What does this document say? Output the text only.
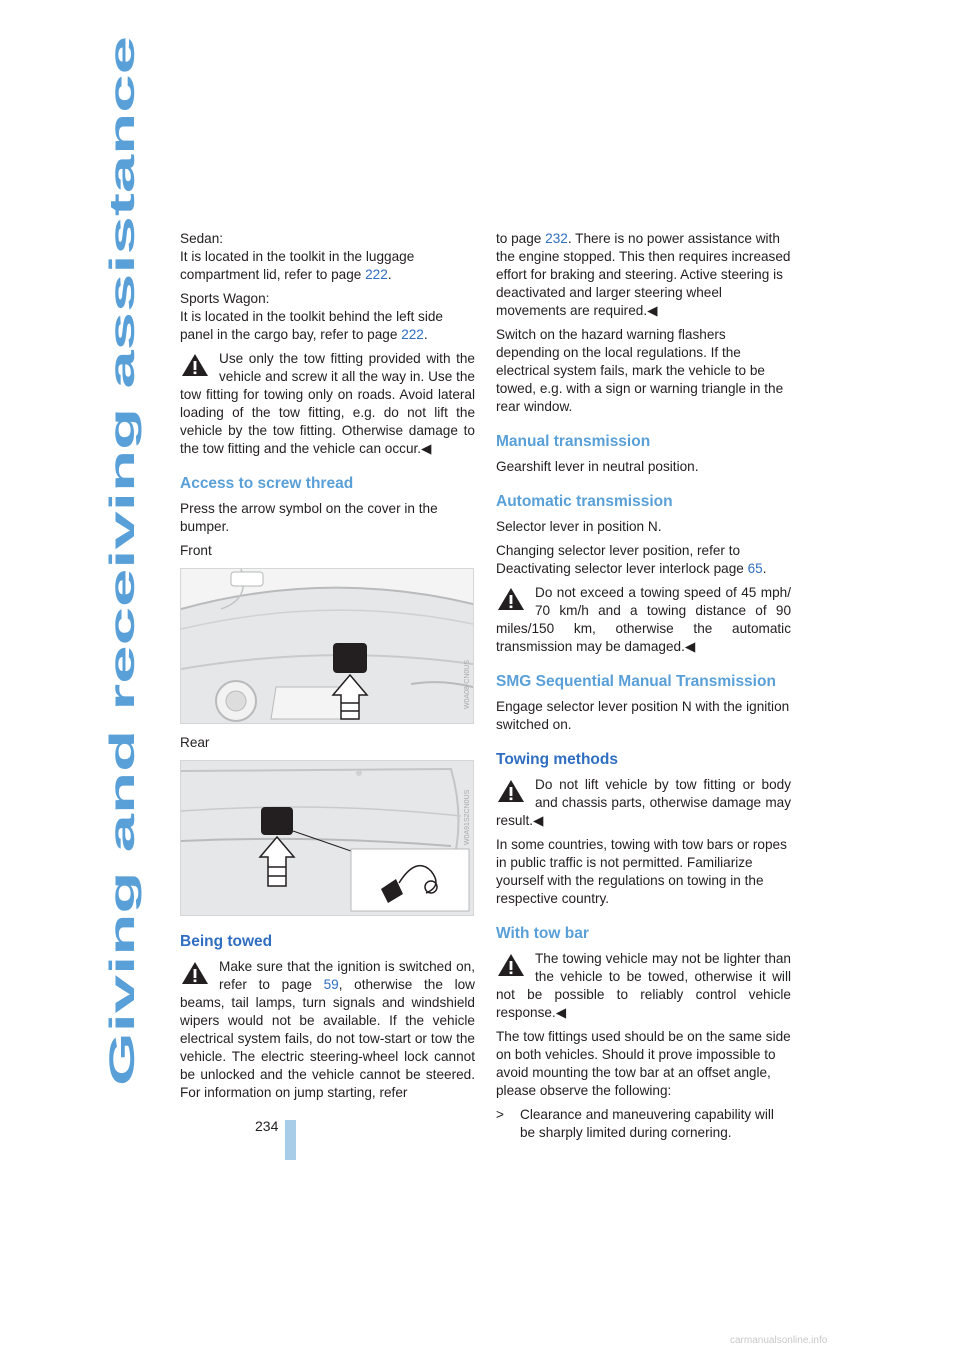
Giving and receiving assistance
234

Sedan:
It is located in the toolkit in the luggage compartment lid, refer to page 222.

Sports Wagon:
It is located in the toolkit behind the left side panel in the cargo bay, refer to page 222.

Use only the tow fitting provided with the vehicle and screw it all the way in. Use the tow fitting for towing only on roads. Avoid lateral loading of the tow fitting, e.g. do not lift the vehicle by the tow fitting. Otherwise damage to the tow fitting and the vehicle can occur.◀
Access to screw thread

Press the arrow symbol on the cover in the bumper.

Front

W0A08-CN0US

Rear

W0A91S2CN0US
Being towed
Make sure that the ignition is switched on, refer to page 59, otherwise the low beams, tail lamps, turn signals and windshield wipers would not be available. If the vehicle electrical system fails, do not tow-start or tow the vehicle. The electric steering-wheel lock cannot be unlocked and the vehicle cannot be steered. For information on jump starting, refer

to page 232. There is no power assistance with the engine stopped. This then requires increased effort for braking and steering. Active steering is deactivated and larger steering wheel movements are required.◀

Switch on the hazard warning flashers depending on the local regulations. If the electrical system fails, mark the vehicle to be towed, e.g. with a sign or warning triangle in the rear window.

Manual transmission

Gearshift lever in neutral position.

Automatic transmission

Selector lever in position N.

Changing selector lever position, refer to Deactivating selector lever interlock page 65.

Do not exceed a towing speed of 45 mph/ 70 km/h and a towing distance of 90 miles/150 km, otherwise the automatic transmission may be damaged.◀
SMG Sequential Manual Transmission

Engage selector lever position N with the ignition switched on.

Towing methods
Do not lift vehicle by tow fitting or body and chassis parts, otherwise damage may result.◀

In some countries, towing with tow bars or ropes in public traffic is not permitted. Familiarize yourself with the regulations on towing in the respective country.

With tow bar
The towing vehicle may not be lighter than the vehicle to be towed, otherwise it will not be possible to reliably control vehicle response.◀

The tow fittings used should be on the same side on both vehicles. Should it prove impossible to avoid mounting the tow bar at an offset angle, please observe the following:

>	Clearance and maneuvering capability will be sharply limited during cornering.
carmanualsonline.info
